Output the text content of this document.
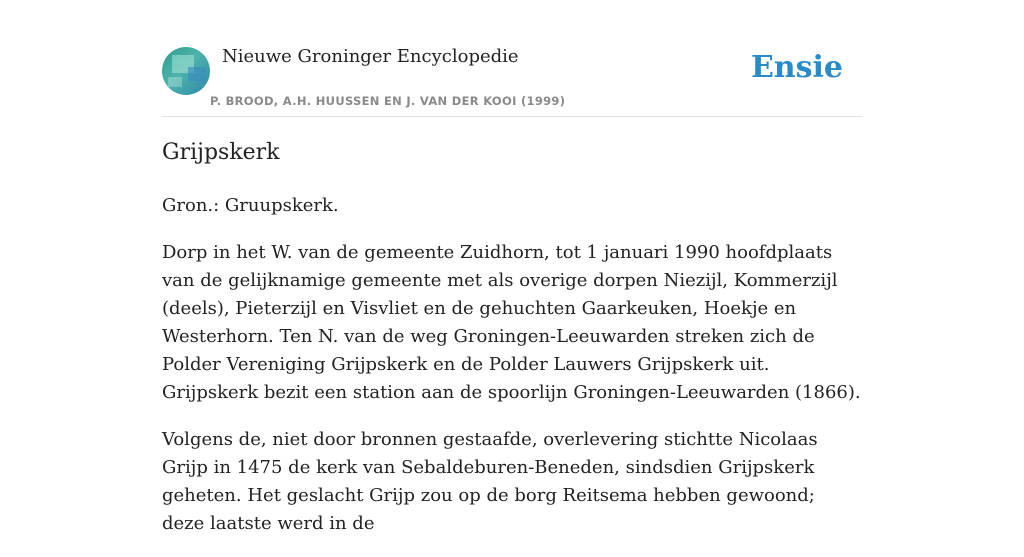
Nieuwe Groninger Encyclopedie
P. BROOD, A.H. HUUSSEN EN J. VAN DER KOOI (1999)
Ensie
Grijpskerk

Gron.: Gruupskerk.

Dorp in het W. van de gemeente Zuidhorn, tot 1 januari 1990 hoofdplaats van de gelijknamige gemeente met als overige dorpen Niezijl, Kommerzijl (deels), Pieterzijl en Visvliet en de gehuchten Gaarkeuken, Hoekje en Westerhorn. Ten N. van de weg Groningen-Leeuwarden streken zich de Polder Vereniging Grijpskerk en de Polder Lauwers Grijpskerk uit. Grijpskerk bezit een station aan de spoorlijn Groningen-Leeuwarden (1866).

Volgens de, niet door bronnen gestaafde, overlevering stichtte Nicolaas Grijp in 1475 de kerk van Sebaldeburen-Beneden, sindsdien Grijpskerk geheten. Het geslacht Grijp zou op de borg Reitsema hebben gewoond; deze laatste werd in de
